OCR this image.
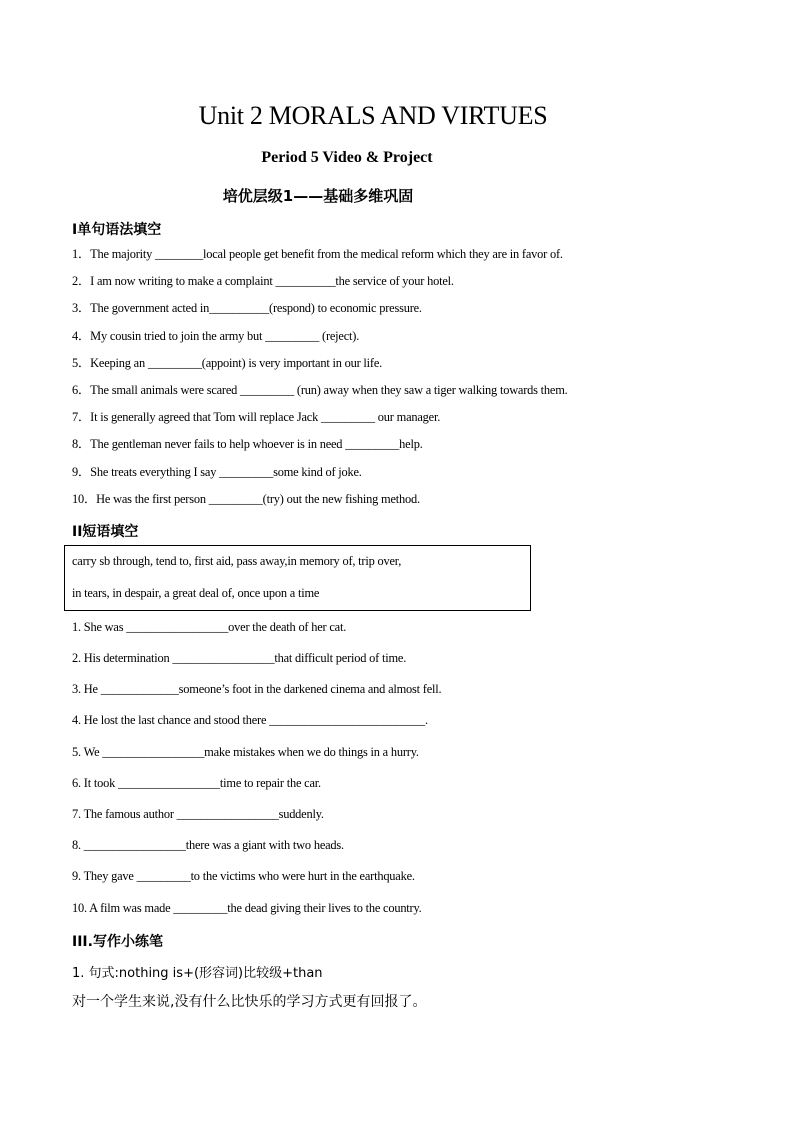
Unit 2 MORALS AND VIRTUES
Period 5 Video & Project
培优层级1——基础多维巩固
I单句语法填空
1．The majority ________local people get benefit from the medical reform which they are in favor of.
2．I am now writing to make a complaint __________the service of your hotel.
3．The government acted in__________(respond) to economic pressure.
4．My cousin tried to join the army but _________ (reject).
5．Keeping an _________(appoint) is very important in our life.
6．The small animals were scared _________ (run) away when they saw a tiger walking towards them.
7．It is generally agreed that Tom will replace Jack _________ our manager.
8．The gentleman never fails to help whoever is in need _________help.
9．She treats everything I say _________some kind of joke.
10．He was the first person _________(try) out the new fishing method.
II短语填空
carry sb through, tend to, first aid, pass away,in memory of, trip over,
in tears, in despair, a great deal of, once upon a time
1. She was _________________over the death of her cat.
2. His determination _________________that difficult period of time.
3. He _____________someone’s foot in the darkened cinema and almost fell.
4. He lost the last chance and stood there __________________________.
5. We _________________make mistakes when we do things in a hurry.
6. It took _________________time to repair the car.
7. The famous author _________________suddenly.
8. _________________there was a giant with two heads.
9. They gave _________to the victims who were hurt in the earthquake.
10. A film was made _________the dead giving their lives to the country.
III.写作小练笔
1. 句式:nothing is+(形容词)比较级+than
对一个学生来说,没有什么比快乐的学习方式更有回报了。
